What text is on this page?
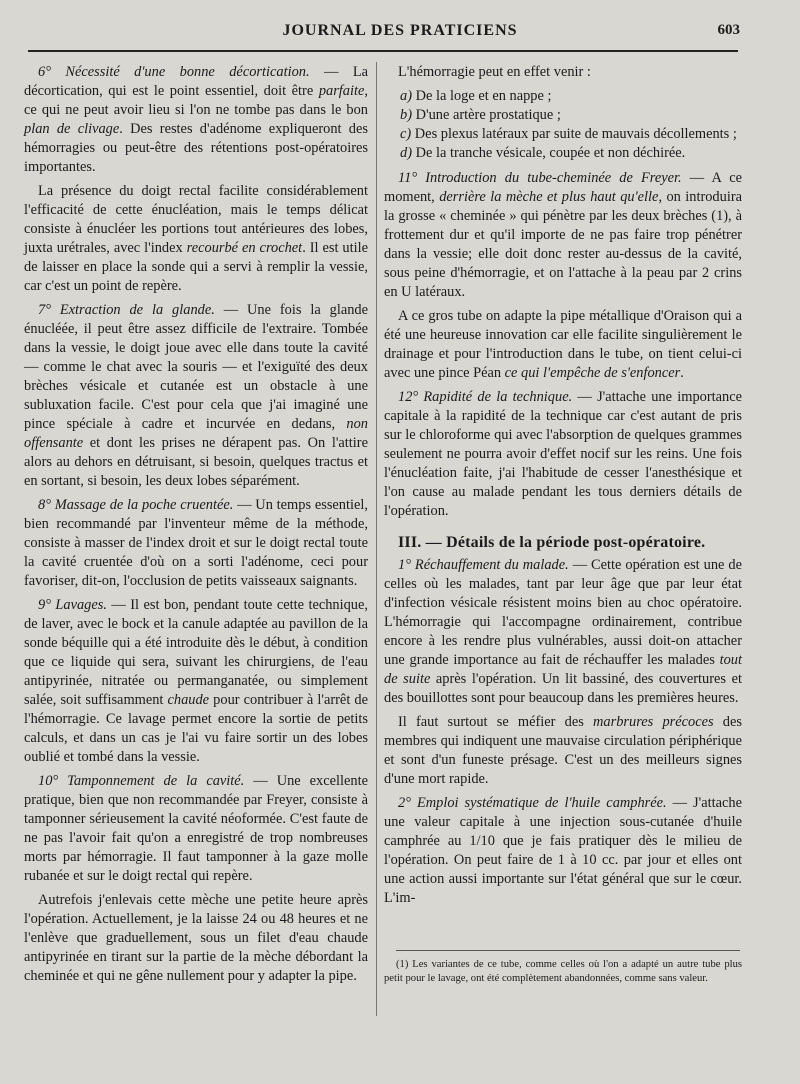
JOURNAL DES PRATICIENS	603

6° Nécessité d'une bonne décortication. — La décortication, qui est le point essentiel, doit être parfaite, ce qui ne peut avoir lieu si l'on ne tombe pas dans le bon plan de clivage. Des restes d'adénome expliqueront des hémorragies ou peut-être des rétentions post-opératoires importantes.

La présence du doigt rectal facilite considérablement l'efficacité de cette énucléation, mais le temps délicat consiste à énucléer les portions tout antérieures des lobes, juxta urétrales, avec l'index recourbé en crochet. Il est utile de laisser en place la sonde qui a servi à remplir la vessie, car c'est un point de repère.

7° Extraction de la glande. — Une fois la glande énucléée, il peut être assez difficile de l'extraire. Tombée dans la vessie, le doigt joue avec elle dans toute la cavité — comme le chat avec la souris — et l'exiguïté des deux brèches vésicale et cutanée est un obstacle à une subluxation facile. C'est pour cela que j'ai imaginé une pince spéciale à cadre et incurvée en dedans, non offensante et dont les prises ne dérapent pas. On l'attire alors au dehors en détruisant, si besoin, quelques tractus et en sortant, si besoin, les deux lobes séparément.

8° Massage de la poche cruentée. — Un temps essentiel, bien recommandé par l'inventeur même de la méthode, consiste à masser de l'index droit et sur le doigt rectal toute la cavité cruentée d'où on a sorti l'adénome, ceci pour favoriser, dit-on, l'occlusion de petits vaisseaux saignants.

9° Lavages. — Il est bon, pendant toute cette technique, de laver, avec le bock et la canule adaptée au pavillon de la sonde béquille qui a été introduite dès le début, à condition que ce liquide qui sera, suivant les chirurgiens, de l'eau antipyrinée, nitratée ou permanganatée, ou simplement salée, soit suffisamment chaude pour contribuer à l'arrêt de l'hémorragie. Ce lavage permet encore la sortie de petits calculs, et dans un cas je l'ai vu faire sortir un des lobes oublié et tombé dans la vessie.

10° Tamponnement de la cavité. — Une excellente pratique, bien que non recommandée par Freyer, consiste à tamponner sérieusement la cavité néoformée. C'est faute de ne pas l'avoir fait qu'on a enregistré de trop nombreuses morts par hémorragie. Il faut tamponner à la gaze molle rubanée et sur le doigt rectal qui repère.

Autrefois j'enlevais cette mèche une petite heure après l'opération. Actuellement, je la laisse 24 ou 48 heures et ne l'enlève que graduellement, sous un filet d'eau chaude antipyrinée en tirant sur la partie de la mèche débordant la cheminée et qui ne gêne nullement pour y adapter la pipe.

L'hémorragie peut en effet venir :

a) De la loge et en nappe ;

b) D'une artère prostatique ;

c) Des plexus latéraux par suite de mauvais décollements ;

d) De la tranche vésicale, coupée et non déchirée.

11° Introduction du tube-cheminée de Freyer. — A ce moment, derrière la mèche et plus haut qu'elle, on introduira la grosse « cheminée » qui pénètre par les deux brèches (1), à frottement dur et qu'il importe de ne pas faire trop pénétrer dans la vessie; elle doit donc rester au-dessus de la cavité, sous peine d'hémorragie, et on l'attache à la peau par 2 crins en U latéraux.

A ce gros tube on adapte la pipe métallique d'Oraison qui a été une heureuse innovation car elle facilite singulièrement le drainage et pour l'introduction dans le tube, on tient celui-ci avec une pince Péan ce qui l'empêche de s'enfoncer.

12° Rapidité de la technique. — J'attache une importance capitale à la rapidité de la technique car c'est autant de pris sur le chloroforme qui avec l'absorption de quelques grammes seulement ne pourra avoir d'effet nocif sur les reins. Une fois l'énucléation faite, j'ai l'habitude de cesser l'anesthésique et l'on cause au malade pendant les tous derniers détails de l'opération.

III. — Détails de la période post-opératoire.

1° Réchauffement du malade. — Cette opération est une de celles où les malades, tant par leur âge que par leur état d'infection vésicale résistent moins bien au choc opératoire. L'hémorragie qui l'accompagne ordinairement, contribue encore à les rendre plus vulnérables, aussi doit-on attacher une grande importance au fait de réchauffer les malades tout de suite après l'opération. Un lit bassiné, des couvertures et des bouillottes sont pour beaucoup dans les premières heures.

Il faut surtout se méfier des marbrures précoces des membres qui indiquent une mauvaise circulation périphérique et sont d'un funeste présage. C'est un des meilleurs signes d'une mort rapide.

2° Emploi systématique de l'huile camphrée. — J'attache une valeur capitale à une injection sous-cutanée d'huile camphrée au 1/10 que je fais pratiquer dès le milieu de l'opération. On peut faire de 1 à 10 cc. par jour et elles ont une action aussi importante sur l'état général que sur le cœur. L'im-

(1) Les variantes de ce tube, comme celles où l'on a adapté un autre tube plus petit pour le lavage, ont été complètement abandonnées, comme sans valeur.
